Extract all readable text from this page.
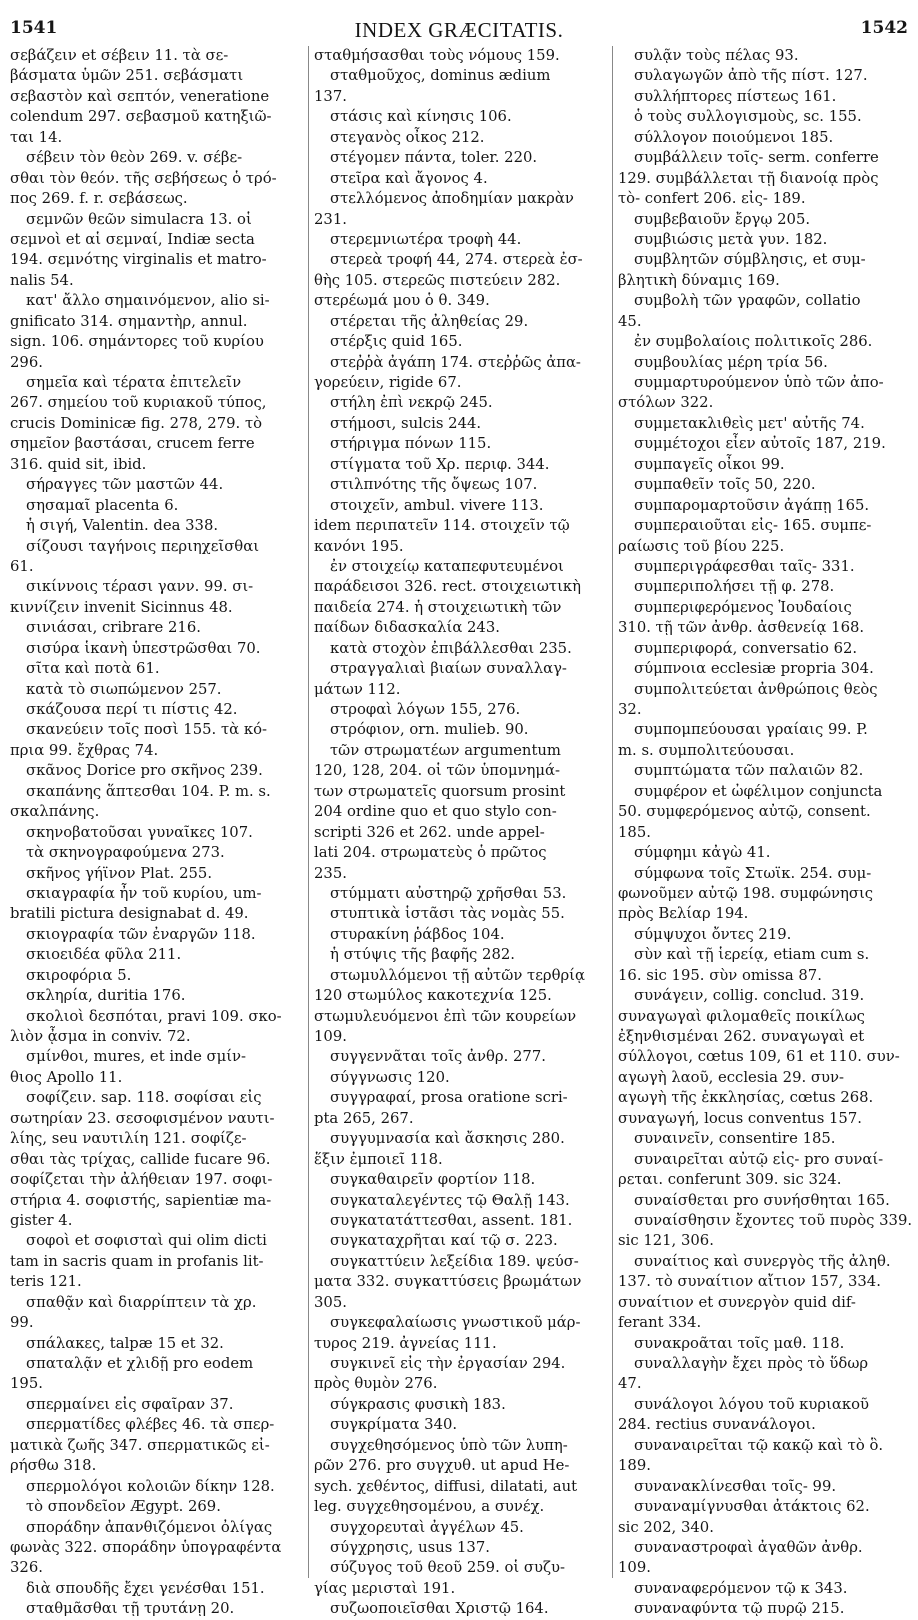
1541	INDEX GRÆCITATIS.	1542
σεβάζειν et σέβειν 11. τὰ σε-
βάσματα ὑμῶν 251. σεβάσματι
σεβαστὸν καὶ σεπτόν, veneratione
colendum 297. σεβασμοῦ κατηξιῶ-
ται 14.
σέβειν τὸν θεὸν 269. v. σέβε-
σθαι τὸν θεόν. τῆς σεβήσεως ὁ τρό-
πος 269. f. r. σεβάσεως.
σεμνῶν θεῶν simulacra 13. οἱ
σεμνοὶ et αἱ σεμναί, Indiæ secta
194. σεμνότης virginalis et matro-
nalis 54.
κατ' ἄλλο σημαινόμενον, alio si-
gnificato 314. σημαντὴρ, annul.
sign. 106. σημάντορες τοῦ κυρίου
296.
σημεῖα καὶ τέρατα ἐπιτελεῖν
267. σημείου τοῦ κυριακοῦ τύπος,
crucis Dominicæ fig. 278, 279. τὸ
σημεῖον βαστάσαι, crucem ferre
316. quid sit, ibid.
σήραγγες τῶν μαστῶν 44.
σησαμαῖ placenta 6.
ἡ σιγή, Valentin. dea 338.
σίζουσι ταγήνοις περιηχεῖσθαι
61.
σικίννοις τέρασι γανν. 99. σι-
κιννίζειν invenit Sicinnus 48.
σινιάσαι, cribrare 216.
σισύρα ἱκανὴ ὑπεστρῶσθαι 70.
σῖτα καὶ ποτὰ 61.
κατὰ τὸ σιωπώμενον 257.
σκάζουσα περί τι πίστις 42.
σκανεύειν τοῖς ποσὶ 155. τὰ κό-
πρια 99. ἔχθρας 74.
σκᾶνος Dorice pro σκῆνος 239.
σκαπάνης ἅπτεσθαι 104. P. m. s.
σκαλπάνης.
σκηνοβατοῦσαι γυναῖκες 107.
τὰ σκηνογραφούμενα 273.
σκῆνος γήϊνον Plat. 255.
σκιαγραφία ἦν τοῦ κυρίου, um-
bratili pictura designabat d. 49.
σκιογραφία τῶν ἐναργῶν 118.
σκιοειδέα φῦλα 211.
σκιροφόρια 5.
σκληρία, duritia 176.
σκολιοὶ δεσπόται, pravi 109. σκο-
λιὸν ᾆσμα in conviv. 72.
σμίνθοι, mures, et inde σμίν-
θιος Apollo 11.
σοφίζειν. sap. 118. σοφίσαι εἰς
σωτηρίαν 23. σεσοφισμένον ναυτι-
λίης, seu ναυτιλίη 121. σοφίζε-
σθαι τὰς τρίχας, callide fucare 96.
σοφίζεται τὴν ἀλήθειαν 197. σοφι-
στήρια 4. σοφιστής, sapientiæ ma-
gister 4.
σοφοὶ et σοφισταὶ qui olim dicti
tam in sacris quam in profanis lit-
teris 121.
σπαθᾷν καὶ διαρρίπτειν τὰ χρ.
99.
σπάλακες, talpæ 15 et 32.
σπαταλᾷν et χλιδῇ pro eodem
195.
σπερμαίνει εἰς σφαῖραν 37.
σπερματίδες φλέβες 46. τὰ σπερ-
ματικὰ ζωῆς 347. σπερματικῶς εἰ-
ρήσθω 318.
σπερμολόγοι κολοιῶν δίκην 128.
τὸ σπονδεῖον Ægypt. 269.
σποράδην ἀπανθιζόμενοι ὀλίγας
φωνὰς 322. σποράδην ὑπογραφέντα
326.
διὰ σπουδῆς ἔχει γενέσθαι 151.
σταθμᾶσθαι τῇ τρυτάνῃ 20.
σταθμήσασθαι τοὺς νόμους 159.
σταθμοῦχος, dominus ædium
137.
στάσις καὶ κίνησις 106.
στεγανὸς οἶκος 212.
στέγομεν πάντα, toler. 220.
στεῖρα καὶ ἄγονος 4.
στελλόμενος ἀποδημίαν μακρὰν
231.
στερεμνιωτέρα τροφὴ 44.
στερεὰ τροφή 44, 274. στερεὰ ἐσ-
θὴς 105. στερεῶς πιστεύειν 282.
στερέωμά μου ὁ θ. 349.
στέρεται τῆς ἀληθείας 29.
στέρξις quid 165.
στεῤῥὰ ἀγάπη 174. στεῤῥῶς ἀπα-
γορεύειν, rigide 67.
στήλη ἐπὶ νεκρῷ 245.
στήμοσι, sulcis 244.
στήριγμα πόνων 115.
στίγματα τοῦ Χρ. περιφ. 344.
στιλπνότης τῆς ὄψεως 107.
στοιχεῖν, ambul. vivere 113.
idem περιπατεῖν 114. στοιχεῖν τῷ
κανόνι 195.
ἐν στοιχείῳ καταπεφυτευμένοι
παράδεισοι 326. rect. στοιχειωτικὴ
παιδεία 274. ἡ στοιχειωτικὴ τῶν
παίδων διδασκαλία 243.
κατὰ στοχὸν ἐπιβάλλεσθαι 235.
στραγγαλιαὶ βιαίων συναλλαγ-
μάτων 112.
στροφαὶ λόγων 155, 276.
στρόφιον, orn. mulieb. 90.
τῶν στρωματέων argumentum
120, 128, 204. οἱ τῶν ὑπομνημά-
των στρωματεῖς quorsum prosint
204 ordine quo et quo stylo con-
scripti 326 et 262. unde appel-
lati 204. στρωματεὺς ὁ πρῶτος
235.
στύμματι αὐστηρῷ χρῆσθαι 53.
στυπτικὰ ἱστᾶσι τὰς νομὰς 55.
στυρακίνη ῥάβδος 104.
ἡ στύψις τῆς βαφῆς 282.
στωμυλλόμενοι τῇ αὐτῶν τερθρίᾳ
120 στωμύλος κακοτεχνία 125.
στωμυλευόμενοι ἐπὶ τῶν κουρείων
109.
συγγεννᾶται τοῖς ἀνθρ. 277.
σύγγνωσις 120.
συγγραφαί, prosa oratione scri-
pta 265, 267.
συγγυμνασία καὶ ἄσκησις 280.
ἕξιν ἐμποιεῖ 118.
συγκαθαιρεῖν φορτίον 118.
συγκαταλεγέντες τῷ Θαλῇ 143.
συγκατατάττεσθαι, assent. 181.
συγκαταχρῆται καί τῷ σ. 223.
συγκαττύειν λεξείδια 189. ψεύσ-
ματα 332. συγκαττύσεις βρωμάτων
305.
συγκεφαλαίωσις γνωστικοῦ μάρ-
τυρος 219. ἀγνείας 111.
συγκινεῖ εἰς τὴν ἐργασίαν 294.
πρὸς θυμὸν 276.
σύγκρασις φυσικὴ 183.
συγκρίματα 340.
συγχεθησόμενος ὑπὸ τῶν λυπη-
ρῶν 276. pro συγχυθ. ut apud He-
sych. χεθέντος, diffusi, dilatati, aut
leg. συγχεθησομένου, a συνέχ.
συγχορευταὶ ἀγγέλων 45.
σύγχρησις, usus 137.
σύζυγος τοῦ θεοῦ 259. οἱ συζυ-
γίας μερισταὶ 191.
συζωοποιεῖσθαι Χριστῷ 164.
συλᾷν τοὺς πέλας 93.
συλαγωγῶν ἀπὸ τῆς πίστ. 127.
συλλήπτορες πίστεως 161.
ὁ τοὺς συλλογισμοὺς, sc. 155.
σύλλογον ποιούμενοι 185.
συμβάλλειν τοῖς- serm. conferre
129. συμβάλλεται τῇ διανοίᾳ πρὸς
τὸ- confert 206. εἰς- 189.
συμβεβαιοῦν ἔργῳ 205.
συμβιώσις μετὰ γυν. 182.
συμβλητῶν σύμβλησις, et συμ-
βλητικὴ δύναμις 169.
συμβολὴ τῶν γραφῶν, collatio
45.
ἐν συμβολαίοις πολιτικοῖς 286.
συμβουλίας μέρη τρία 56.
συμμαρτυρούμενον ὑπὸ τῶν ἀπο-
στόλων 322.
συμμετακλιθεὶς μετ' αὐτῆς 74.
συμμέτοχοι εἶεν αὐτοῖς 187, 219.
συμπαγεῖς οἶκοι 99.
συμπαθεῖν τοῖς 50, 220.
συμπαρομαρτοῦσιν ἀγάπῃ 165.
συμπεραιοῦται εἰς- 165. συμπε-
ραίωσις τοῦ βίου 225.
συμπεριγράφεσθαι ταῖς- 331.
συμπεριπολήσει τῇ φ. 278.
συμπεριφερόμενος Ἰουδαίοις
310. τῇ τῶν ἀνθρ. ἀσθενείᾳ 168.
συμπεριφορά, conversatio 62.
σύμπνοια ecclesiæ propria 304.
συμπολιτεύεται ἀνθρώποις θεὸς
32.
συμπομπεύουσαι γραίαις 99. P.
m. s. συμπολιτεύουσαι.
συμπτώματα τῶν παλαιῶν 82.
συμφέρον et ὠφέλιμον conjuncta
50. συμφερόμενος αὐτῷ, consent.
185.
σύμφημι κἀγὼ 41.
σύμφωνα τοῖς Στωϊκ. 254. συμ-
φωνοῦμεν αὐτῷ 198. συμφώνησις
πρὸς Βελίαρ 194.
σύμψυχοι ὄντες 219.
σὺν καὶ τῇ ἱερείᾳ, etiam cum s.
16. sic 195. σὺν omissa 87.
συνάγειν, collig. conclud. 319.
συναγωγαὶ φιλομαθεῖς ποικίλως
ἐξηνθισμέναι 262. συναγωγαὶ et
σύλλογοι, cœtus 109, 61 et 110. συν-
αγωγὴ λαοῦ, ecclesia 29. συν-
αγωγὴ τῆς ἐκκλησίας, cœtus 268.
συναγωγή, locus conventus 157.
συναινεῖν, consentire 185.
συναιρεῖται αὐτῷ εἰς- pro συναί-
ρεται. conferunt 309. sic 324.
συναίσθεται pro συνήσθηται 165.
συναίσθησιν ἔχοντες τοῦ πυρὸς 339.
sic 121, 306.
συναίτιος καὶ συνεργὸς τῆς ἀληθ.
137. τὸ συναίτιον αἴτιον 157, 334.
συναίτιον et συνεργὸν quid dif-
ferant 334.
συνακροᾶται τοῖς μαθ. 118.
συναλλαγὴν ἔχει πρὸς τὸ ὕδωρ
47.
συνάλογοι λόγου τοῦ κυριακοῦ
284. rectius συνανάλογοι.
συναναιρεῖται τῷ κακῷ καὶ τὸ ὃ.
189.
συνανακλίνεσθαι τοῖς- 99.
συναναμίγνυσθαι ἀτάκτοις 62.
sic 202, 340.
συναναστροφαὶ ἀγαθῶν ἀνθρ.
109.
συναναφερόμενον τῷ κ 343.
συναναφύντα τῷ πυρῷ 215.
